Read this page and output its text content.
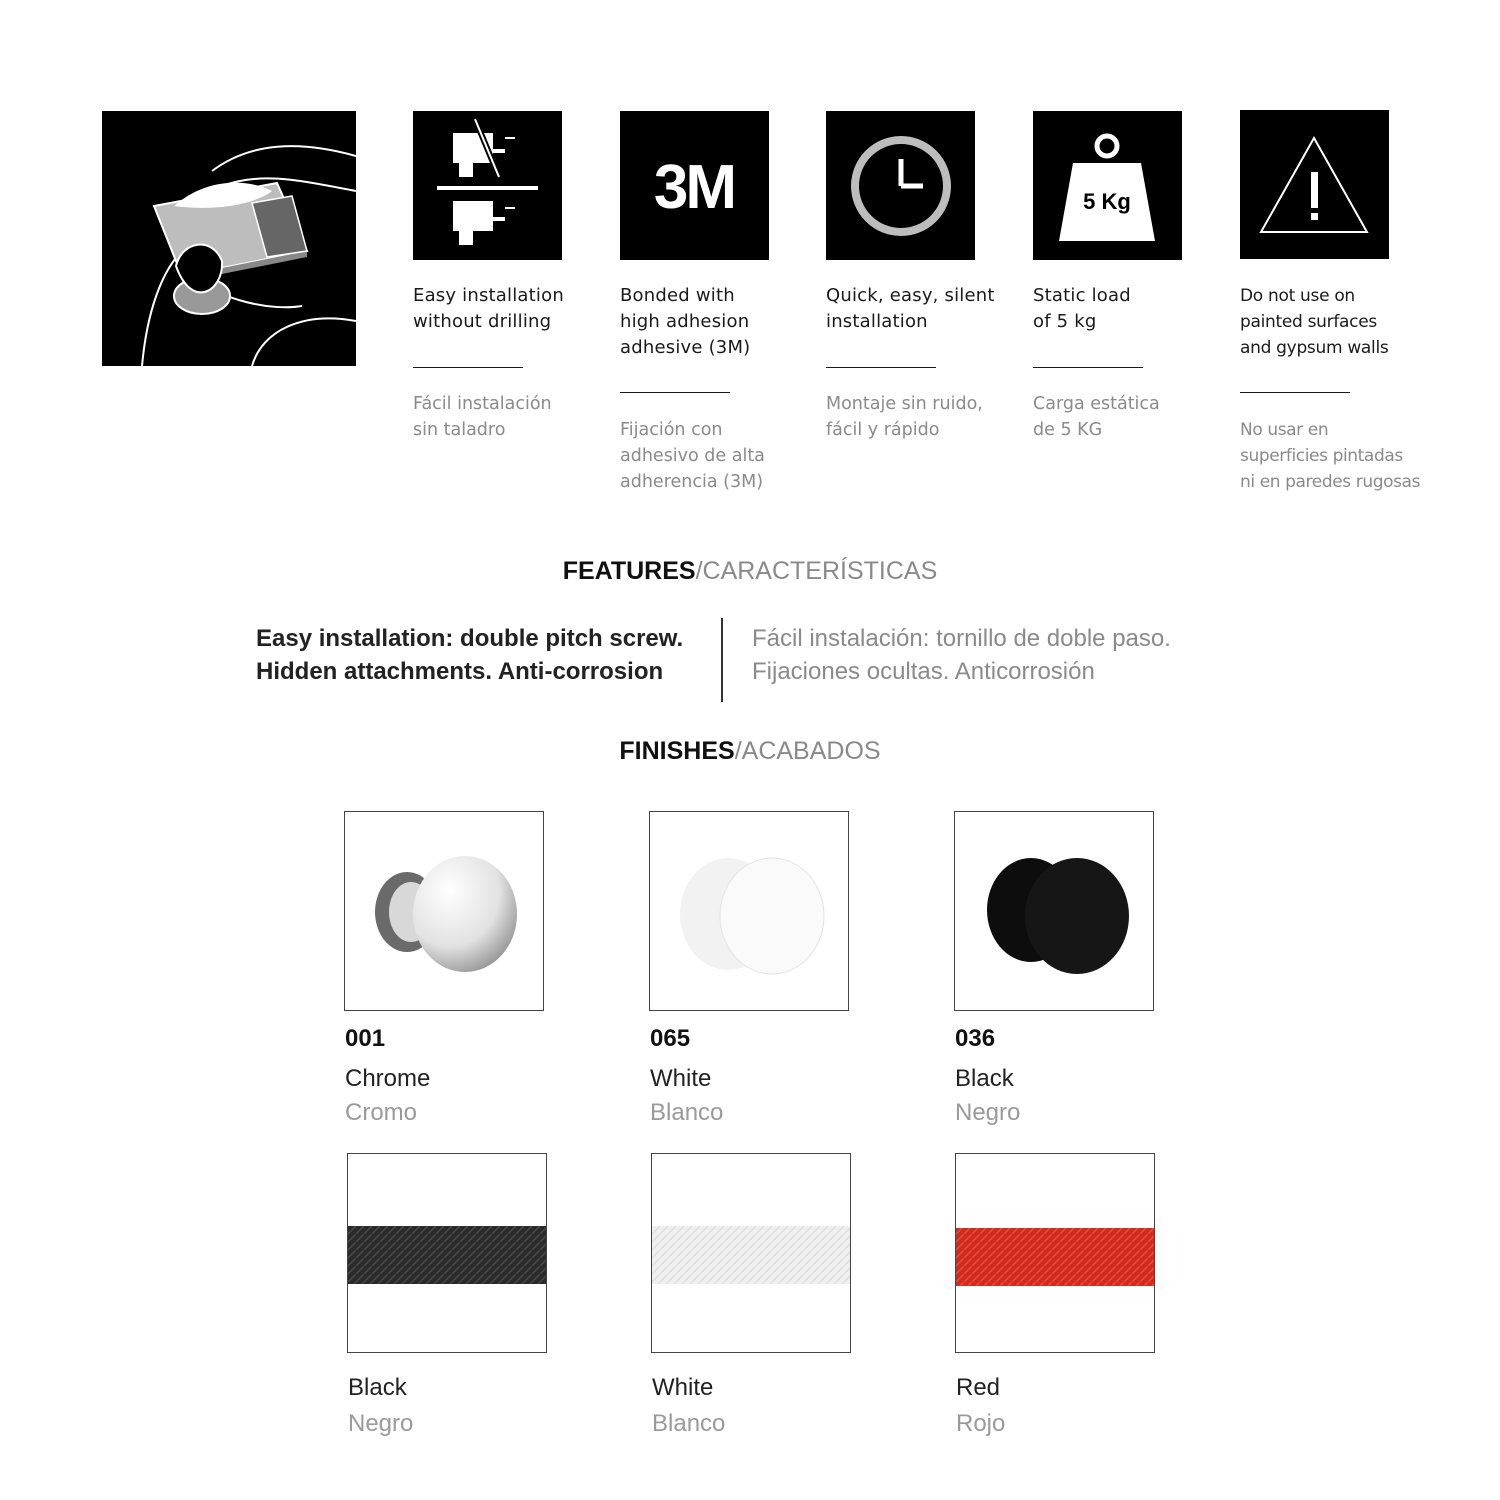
3M	5 Kg
Easy installation
without drilling
Fácil instalación
sin taladro
Bonded with
high adhesion
adhesive (3M)
Fijación con
adhesivo de alta
adherencia (3M)
Quick, easy, silent
installation
Montaje sin ruido,
fácil y rápido
Static load
of 5 kg
Carga estática
de 5 KG
Do not use on
painted surfaces
and gypsum walls
No usar en
superficies pintadas
ni en paredes rugosas
FEATURES/CARACTERÍSTICAS
Easy installation: double pitch screw.
Hidden attachments. Anti-corrosion
Fácil instalación: tornillo de doble paso.
Fijaciones ocultas. Anticorrosión
FINISHES/ACABADOS
001
Chrome
Cromo
065
White
Blanco
036
Black
Negro
Black
Negro
White
Blanco
Red
Rojo
